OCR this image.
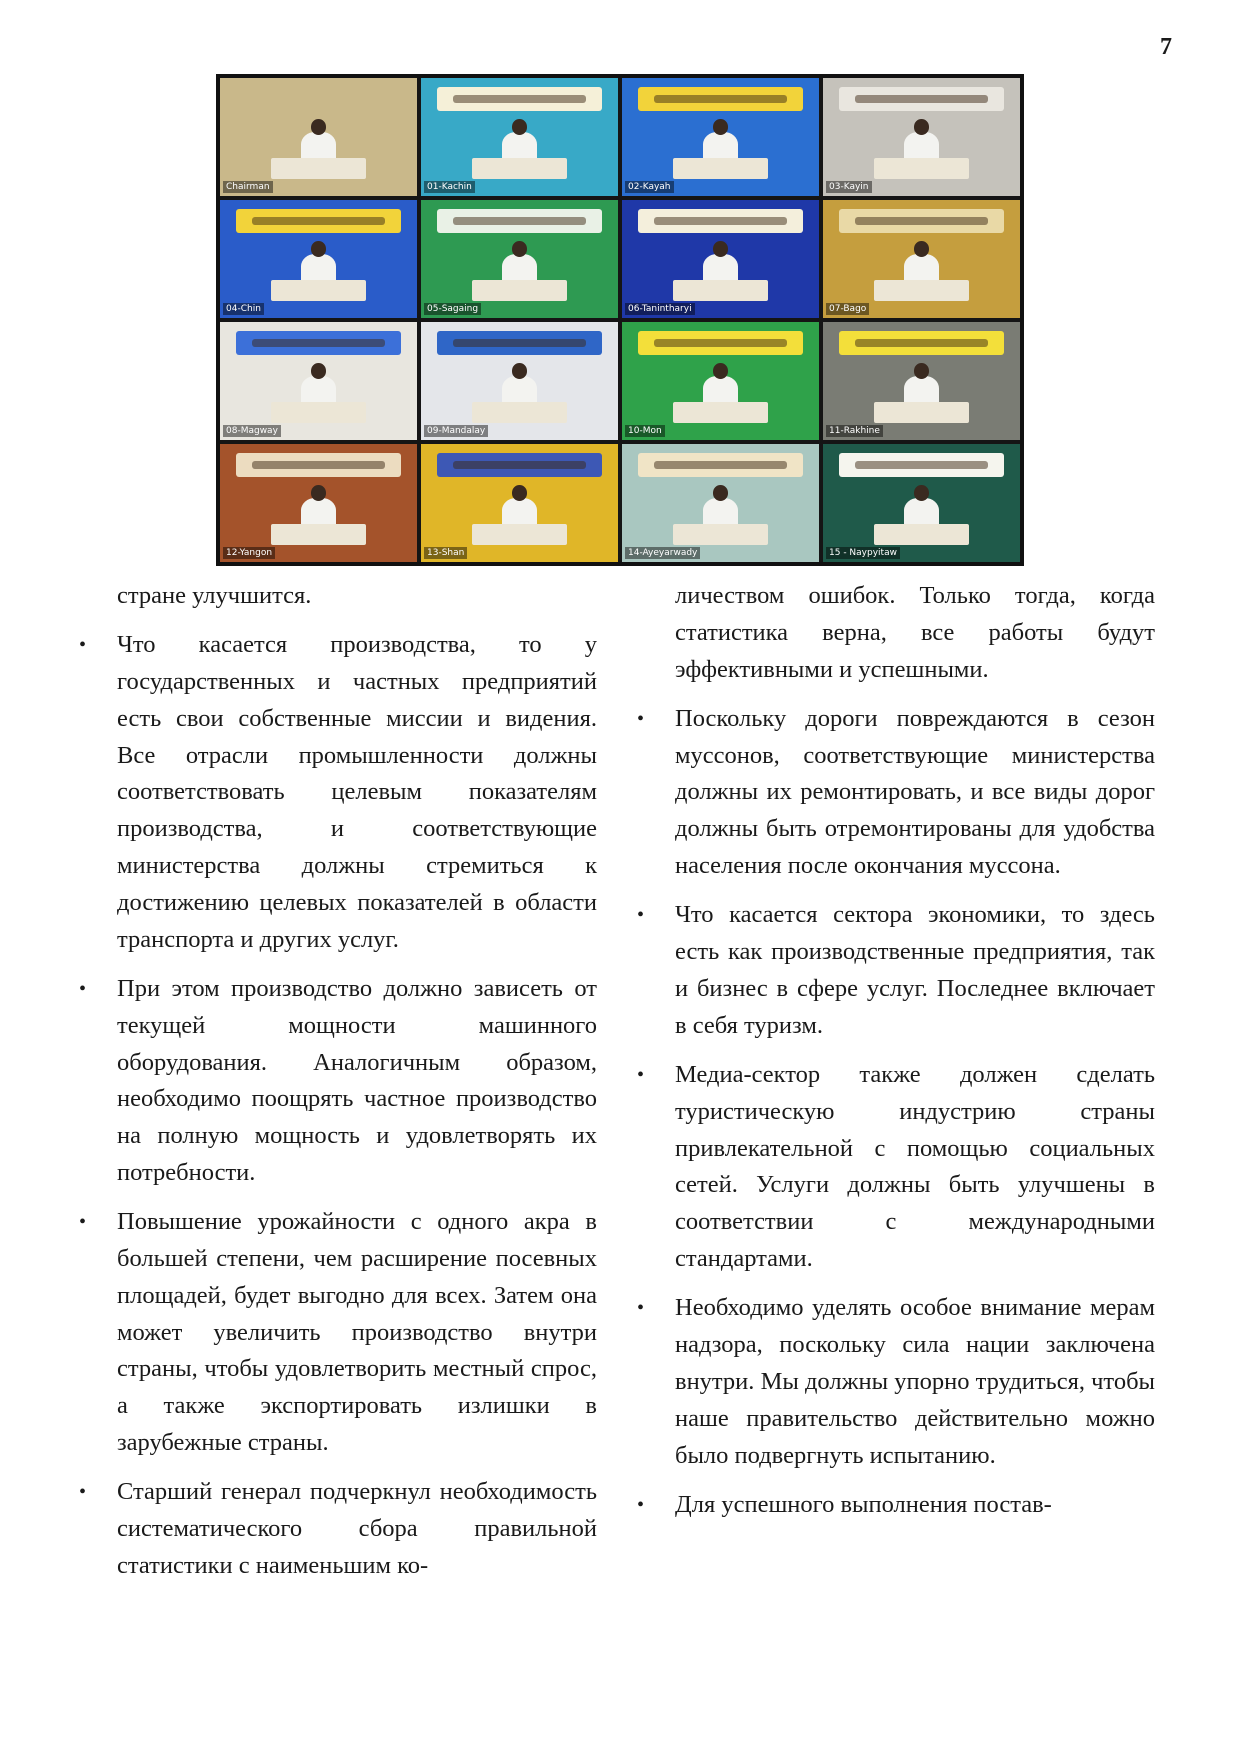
7
Chairman	01-Kachin	02-Kayah	03-Kayin
04-Chin	05-Sagaing	06-Tanintharyi	07-Bago
08-Magway	09-Mandalay	10-Mon	11-Rakhine
12-Yangon	13-Shan	14-Ayeyarwady	15 - Naypyitaw

стране улучшится.

• Что касается производства, то у государственных и частных предприятий есть свои собственные миссии и видения. Все отрасли промышленности должны соответствовать целевым показателям производства, и соответствующие министерства должны стремиться к достижению целевых показателей в области транспорта и других услуг.
• При этом производство должно зависеть от текущей мощности машинного оборудования. Аналогичным образом, необходимо поощрять частное производство на полную мощность и удовлетворять их потребности.
• Повышение урожайности с одного акра в большей степени, чем расширение посевных площадей, будет выгодно для всех. Затем она может увеличить производство внутри страны, чтобы удовлетворить местный спрос, а также экспортировать излишки в зарубежные страны.
• Старший генерал подчеркнул необходимость систематического сбора правильной статистики с наименьшим ко-

личеством ошибок. Только тогда, когда статистика верна, все работы будут эффективными и успешными.

• Поскольку дороги повреждаются в сезон муссонов, соответствующие министерства должны их ремонтировать, и все виды дорог должны быть отремонтированы для удобства населения после окончания муссона.
• Что касается сектора экономики, то здесь есть как производственные предприятия, так и бизнес в сфере услуг. Последнее включает в себя туризм.
• Медиа-сектор также должен сделать туристическую индустрию страны привлекательной с помощью социальных сетей. Услуги должны быть улучшены в соответствии с международными стандартами.
• Необходимо уделять особое внимание мерам надзора, поскольку сила нации заключена внутри. Мы должны упорно трудиться, чтобы наше правительство действительно можно было подвергнуть испытанию.
• Для успешного выполнения постав-
